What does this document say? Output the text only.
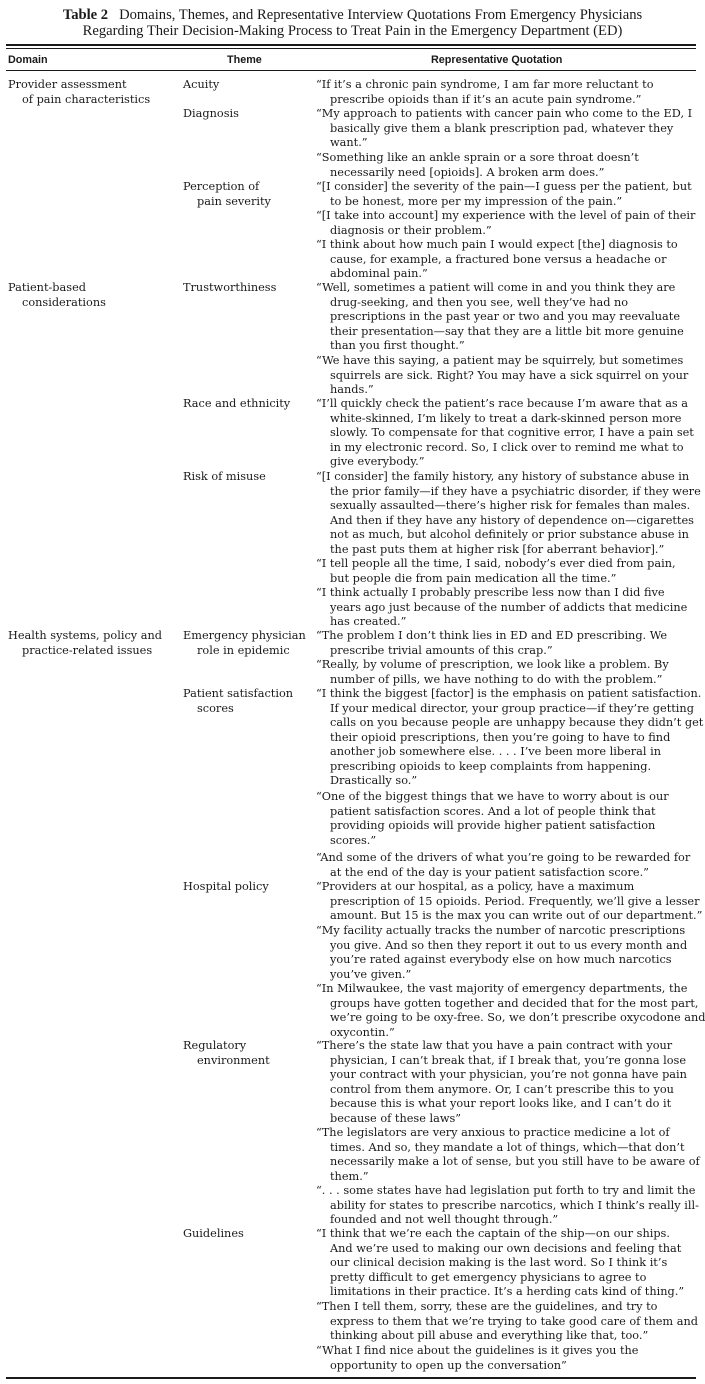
Table 2 Domains, Themes, and Representative Interview Quotations From Emergency Physicians
Regarding Their Decision-Making Process to Treat Pain in the Emergency Department (ED)
Domain	Theme	Representative Quotation
Provider assessment
of pain characteristics
Patient-based
considerations
Health systems, policy and
practice-related issues
Acuity
Diagnosis
Perception of
pain severity
Trustworthiness
Race and ethnicity
Risk of misuse
Emergency physician
role in epidemic
Patient satisfaction
scores
Hospital policy
Regulatory
environment
Guidelines
“If it’s a chronic pain syndrome, I am far more reluctant to
prescribe opioids than if it’s an acute pain syndrome.”
“My approach to patients with cancer pain who come to the ED, I
basically give them a blank prescription pad, whatever they
want.”
“Something like an ankle sprain or a sore throat doesn’t
necessarily need [opioids]. A broken arm does.”
“[I consider] the severity of the pain—I guess per the patient, but
to be honest, more per my impression of the pain.”
“[I take into account] my experience with the level of pain of their
diagnosis or their problem.”
“I think about how much pain I would expect [the] diagnosis to
cause, for example, a fractured bone versus a headache or
abdominal pain.”
“Well, sometimes a patient will come in and you think they are
drug-seeking, and then you see, well they’ve had no
prescriptions in the past year or two and you may reevaluate
their presentation—say that they are a little bit more genuine
than you first thought.”
“We have this saying, a patient may be squirrely, but sometimes
squirrels are sick. Right? You may have a sick squirrel on your
hands.”
“I’ll quickly check the patient’s race because I’m aware that as a
white-skinned, I’m likely to treat a dark-skinned person more
slowly. To compensate for that cognitive error, I have a pain set
in my electronic record. So, I click over to remind me what to
give everybody.”
“[I consider] the family history, any history of substance abuse in
the prior family—if they have a psychiatric disorder, if they were
sexually assaulted—there’s higher risk for females than males.
And then if they have any history of dependence on—cigarettes
not as much, but alcohol definitely or prior substance abuse in
the past puts them at higher risk [for aberrant behavior].”
“I tell people all the time, I said, nobody’s ever died from pain,
but people die from pain medication all the time.”
“I think actually I probably prescribe less now than I did five
years ago just because of the number of addicts that medicine
has created.”
“The problem I don’t think lies in ED and ED prescribing. We
prescribe trivial amounts of this crap.”
“Really, by volume of prescription, we look like a problem. By
number of pills, we have nothing to do with the problem.”
“I think the biggest [factor] is the emphasis on patient satisfaction.
If your medical director, your group practice—if they’re getting
calls on you because people are unhappy because they didn’t get
their opioid prescriptions, then you’re going to have to find
another job somewhere else. . . . I’ve been more liberal in
prescribing opioids to keep complaints from happening.
Drastically so.”
“One of the biggest things that we have to worry about is our
patient satisfaction scores. And a lot of people think that
providing opioids will provide higher patient satisfaction
scores.”
“And some of the drivers of what you’re going to be rewarded for
at the end of the day is your patient satisfaction score.”
“Providers at our hospital, as a policy, have a maximum
prescription of 15 opioids. Period. Frequently, we’ll give a lesser
amount. But 15 is the max you can write out of our department.”
“My facility actually tracks the number of narcotic prescriptions
you give. And so then they report it out to us every month and
you’re rated against everybody else on how much narcotics
you’ve given.”
“In Milwaukee, the vast majority of emergency departments, the
groups have gotten together and decided that for the most part,
we’re going to be oxy-free. So, we don’t prescribe oxycodone and
oxycontin.”
“There’s the state law that you have a pain contract with your
physician, I can’t break that, if I break that, you’re gonna lose
your contract with your physician, you’re not gonna have pain
control from them anymore. Or, I can’t prescribe this to you
because this is what your report looks like, and I can’t do it
because of these laws”
“The legislators are very anxious to practice medicine a lot of
times. And so, they mandate a lot of things, which—that don’t
necessarily make a lot of sense, but you still have to be aware of
them.”
“. . . some states have had legislation put forth to try and limit the
ability for states to prescribe narcotics, which I think’s really ill-
founded and not well thought through.”
“I think that we’re each the captain of the ship—on our ships.
And we’re used to making our own decisions and feeling that
our clinical decision making is the last word. So I think it’s
pretty difficult to get emergency physicians to agree to
limitations in their practice. It’s a herding cats kind of thing.”
“Then I tell them, sorry, these are the guidelines, and try to
express to them that we’re trying to take good care of them and
thinking about pill abuse and everything like that, too.”
“What I find nice about the guidelines is it gives you the
opportunity to open up the conversation”
